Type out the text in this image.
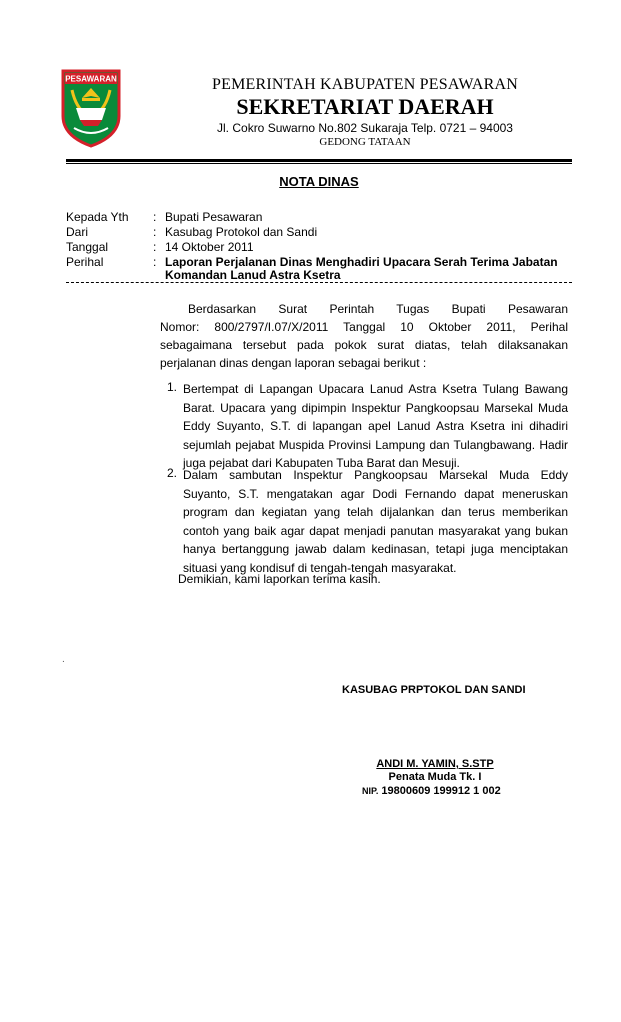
PESAWARAN	PEMERINTAH KABUPATEN PESAWARAN
SEKRETARIAT DAERAH
Jl. Cokro Suwarno No.802 Sukaraja Telp. 0721 – 94003
GEDONG TATAAN
NOTA DINAS
Kepada Yth : Bupati Pesawaran
Dari	: Kasubag Protokol dan Sandi
Tanggal	: 14 Oktober 2011
Perihal	: Laporan Perjalanan Dinas Menghadiri Upacara Serah Terima Jabatan
Komandan Lanud Astra Ksetra
Berdasarkan Surat Perintah Tugas Bupati Pesawaran
Nomor: 800/2797/I.07/X/2011 Tanggal 10 Oktober 2011, Perihal
sebagaimana tersebut pada pokok surat diatas, telah dilaksanakan
perjalanan dinas dengan laporan sebagai berikut :
1. Bertempat di Lapangan Upacara Lanud Astra Ksetra Tulang Bawang Barat. Upacara yang dipimpin Inspektur Pangkoopsau Marsekal Muda Eddy Suyanto, S.T. di lapangan apel Lanud Astra Ksetra ini dihadiri sejumlah pejabat Muspida Provinsi Lampung dan Tulangbawang. Hadir juga pejabat dari Kabupaten Tuba Barat dan Mesuji.
2. Dalam sambutan Inspektur Pangkoopsau Marsekal Muda Eddy Suyanto, S.T. mengatakan agar Dodi Fernando dapat meneruskan program dan kegiatan yang telah dijalankan dan terus memberikan contoh yang baik agar dapat menjadi panutan masyarakat yang bukan hanya bertanggung jawab dalam kedinasan, tetapi juga menciptakan situasi yang kondisuf di tengah-tengah masyarakat.
Demikian, kami laporkan terima kasih.
.
KASUBAG PRPTOKOL DAN SANDI
ANDI M. YAMIN, S.STP
Penata Muda Tk. I
NIP. 19800609 199912 1 002
